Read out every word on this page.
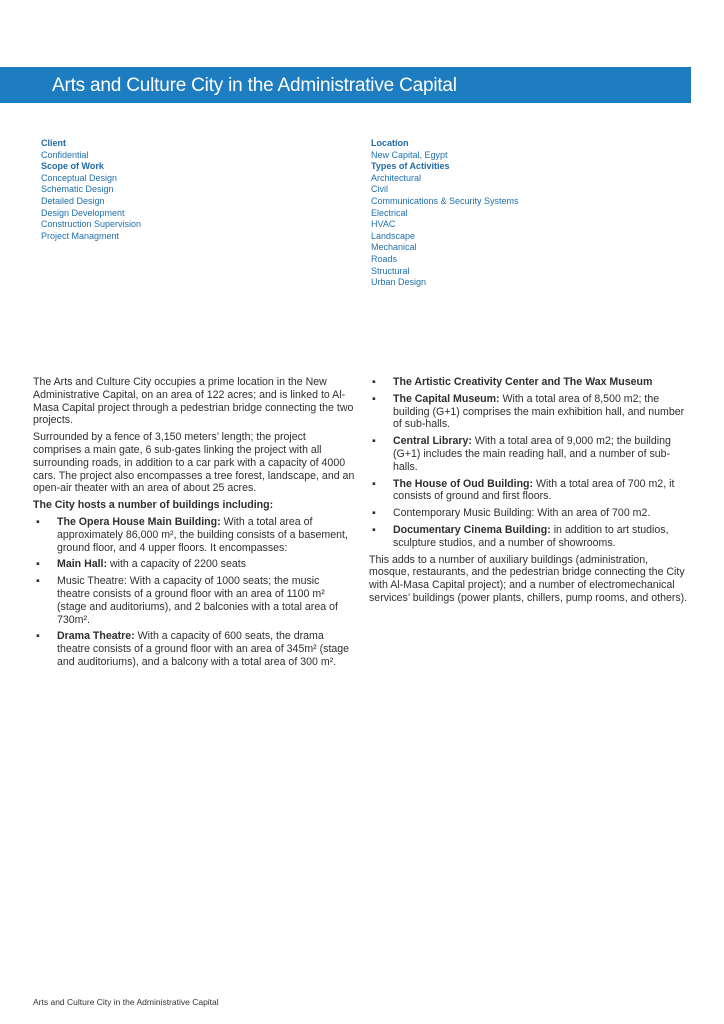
Arts and Culture City in the Administrative Capital
Client
Confidential
Scope of Work
Conceptual Design
Schematic Design
Detailed Design
Design Development
Construction Supervision
Project Managment
Location
New Capital, Egypt
Types of Activities
Architectural
Civil
Communications & Security Systems
Electrical
HVAC
Landscape
Mechanical
Roads
Structural
Urban Design

The Arts and Culture City occupies a prime location in the New Administrative Capital, on an area of 122 acres; and is linked to Al-Masa Capital project through a pedestrian bridge connecting the two projects.

Surrounded by a fence of 3,150 meters’ length; the project comprises a main gate, 6 sub-gates linking the project with all surrounding roads, in addition to a car park with a capacity of 4000 cars. The project also encompasses a tree forest, landscape, and an open-air theater with an area of about 25 acres.

The City hosts a number of buildings including:
▪ The Opera House Main Building: With a total area of approximately 86,000 m², the building consists of a basement, ground floor, and 4 upper floors. It encompasses:
▪ Main Hall: with a capacity of 2200 seats
▪ Music Theatre: With a capacity of 1000 seats; the music theatre consists of a ground floor with an area of 1100 m² (stage and auditoriums), and 2 balconies with a total area of 730m².
▪ Drama Theatre: With a capacity of 600 seats, the drama theatre consists of a ground floor with an area of 345m² (stage and auditoriums), and a balcony with a total area of 300 m².
▪ The Artistic Creativity Center and The Wax Museum
▪ The Capital Museum: With a total area of 8,500 m2; the building (G+1) comprises the main exhibition hall, and number of sub-halls.
▪ Central Library: With a total area of 9,000 m2; the building (G+1) includes the main reading hall, and a number of sub-halls.
▪ The House of Oud Building: With a total area of 700 m2, it consists of ground and first floors.
▪ Contemporary Music Building: With an area of 700 m2.
▪ Documentary Cinema Building: in addition to art studios, sculpture studios, and a number of showrooms.

This adds to a number of auxiliary buildings (administration, mosque, restaurants, and the pedestrian bridge connecting the City with Al-Masa Capital project); and a number of electromechanical services’ buildings (power plants, chillers, pump rooms, and others).

Arts and Culture City in the Administrative Capital
